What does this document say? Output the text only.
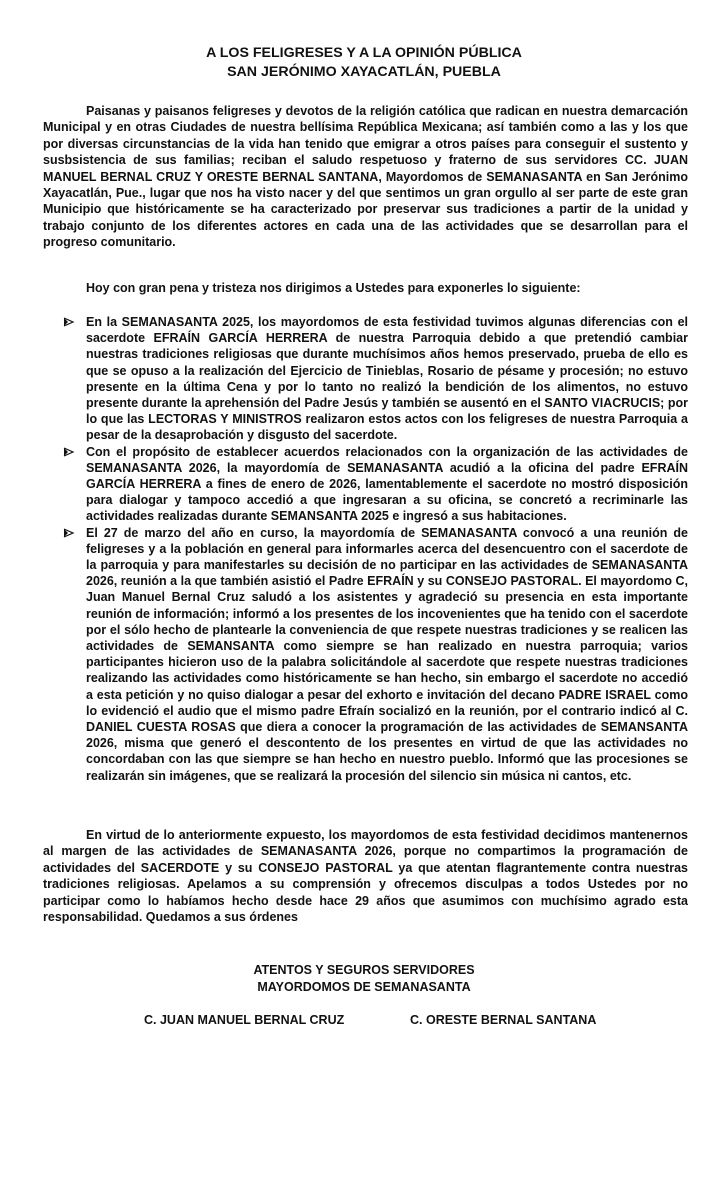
A LOS FELIGRESES Y A LA OPINIÓN PÚBLICA
SAN JERÓNIMO XAYACATLÁN, PUEBLA

Paisanas y paisanos feligreses y devotos de la religión católica que radican en nuestra demarcación Municipal y en otras Ciudades de nuestra bellísima República Mexicana; así también como a las y los que por diversas circunstancias de la vida han tenido que emigrar a otros países para conseguir el sustento y susbsistencia de sus familias; reciban el saludo respetuoso y fraterno de sus servidores CC. JUAN MANUEL BERNAL CRUZ Y ORESTE BERNAL SANTANA, Mayordomos de SEMANASANTA en San Jerónimo Xayacatlán, Pue., lugar que nos ha visto nacer y del que sentimos un gran orgullo al ser parte de este gran Municipio que históricamente se ha caracterizado por preservar sus tradiciones a partir de la unidad y trabajo conjunto de los diferentes actores en cada una de las actividades que se desarrollan para el progreso comunitario.

Hoy con gran pena y tristeza nos dirigimos a Ustedes para exponerles lo siguiente:

En la SEMANASANTA 2025, los mayordomos de esta festividad tuvimos algunas diferencias con el sacerdote EFRAÍN GARCÍA HERRERA de nuestra Parroquia debido a que pretendió cambiar nuestras tradiciones religiosas que durante muchísimos años hemos preservado, prueba de ello es que se opuso a la realización del Ejercicio de Tinieblas, Rosario de pésame y procesión; no estuvo presente en la última Cena y por lo tanto no realizó la bendición de los alimentos, no estuvo presente durante la aprehensión del Padre Jesús y también se ausentó en el SANTO VIACRUCIS; por lo que las LECTORAS Y MINISTROS realizaron estos actos con los feligreses de nuestra Parroquia a pesar de la desaprobación y disgusto del sacerdote.
Con el propósito de establecer acuerdos relacionados con la organización de las actividades de SEMANASANTA 2026, la mayordomía de SEMANASANTA acudió a la oficina del padre EFRAÍN GARCÍA HERRERA a fines de enero de 2026, lamentablemente el sacerdote no mostró disposición para dialogar y tampoco accedió a que ingresaran a su oficina, se concretó a recriminarle las actividades realizadas durante SEMANSANTA 2025 e ingresó a sus habitaciones.
El 27 de marzo del año en curso, la mayordomía de SEMANASANTA convocó a una reunión de feligreses y a la población en general para informarles acerca del desencuentro con el sacerdote de la parroquia y para manifestarles su decisión de no participar en las actividades de SEMANASANTA 2026, reunión a la que también asistió el Padre EFRAÍN y su CONSEJO PASTORAL. El mayordomo C, Juan Manuel Bernal Cruz saludó a los asistentes y agradeció su presencia en esta importante reunión de información; informó a los presentes de los incovenientes que ha tenido con el sacerdote por el sólo hecho de plantearle la conveniencia de que respete nuestras tradiciones y se realicen las actividades de SEMANSANTA como siempre se han realizado en nuestra parroquia; varios participantes hicieron uso de la palabra solicitándole al sacerdote que respete nuestras tradiciones realizando las actividades como históricamente se han hecho, sin embargo el sacerdote no accedió a esta petición y no quiso dialogar a pesar del exhorto e invitación del decano PADRE ISRAEL como lo evidenció el audio que el mismo padre Efraín socializó en la reunión, por el contrario indicó al C. DANIEL CUESTA ROSAS que diera a conocer la programación de las actividades de SEMANSANTA 2026, misma que generó el descontento de los presentes en virtud de que las actividades no concordaban con las que siempre se han hecho en nuestro pueblo. Informó que las procesiones se realizarán sin imágenes, que se realizará la procesión del silencio sin música ni cantos, etc.

En virtud de lo anteriormente expuesto, los mayordomos de esta festividad decidimos mantenernos al margen de las actividades de SEMANASANTA 2026, porque no compartimos la programación de actividades del SACERDOTE y su CONSEJO PASTORAL ya que atentan flagrantemente contra nuestras tradiciones religiosas. Apelamos a su comprensión y ofrecemos disculpas a todos Ustedes por no participar como lo habíamos hecho desde hace 29 años que asumimos con muchísimo agrado esta responsabilidad. Quedamos a sus órdenes

ATENTOS Y SEGUROS SERVIDORES
MAYORDOMOS DE SEMANASANTA
C. JUAN MANUEL BERNAL CRUZ	C. ORESTE BERNAL SANTANA
